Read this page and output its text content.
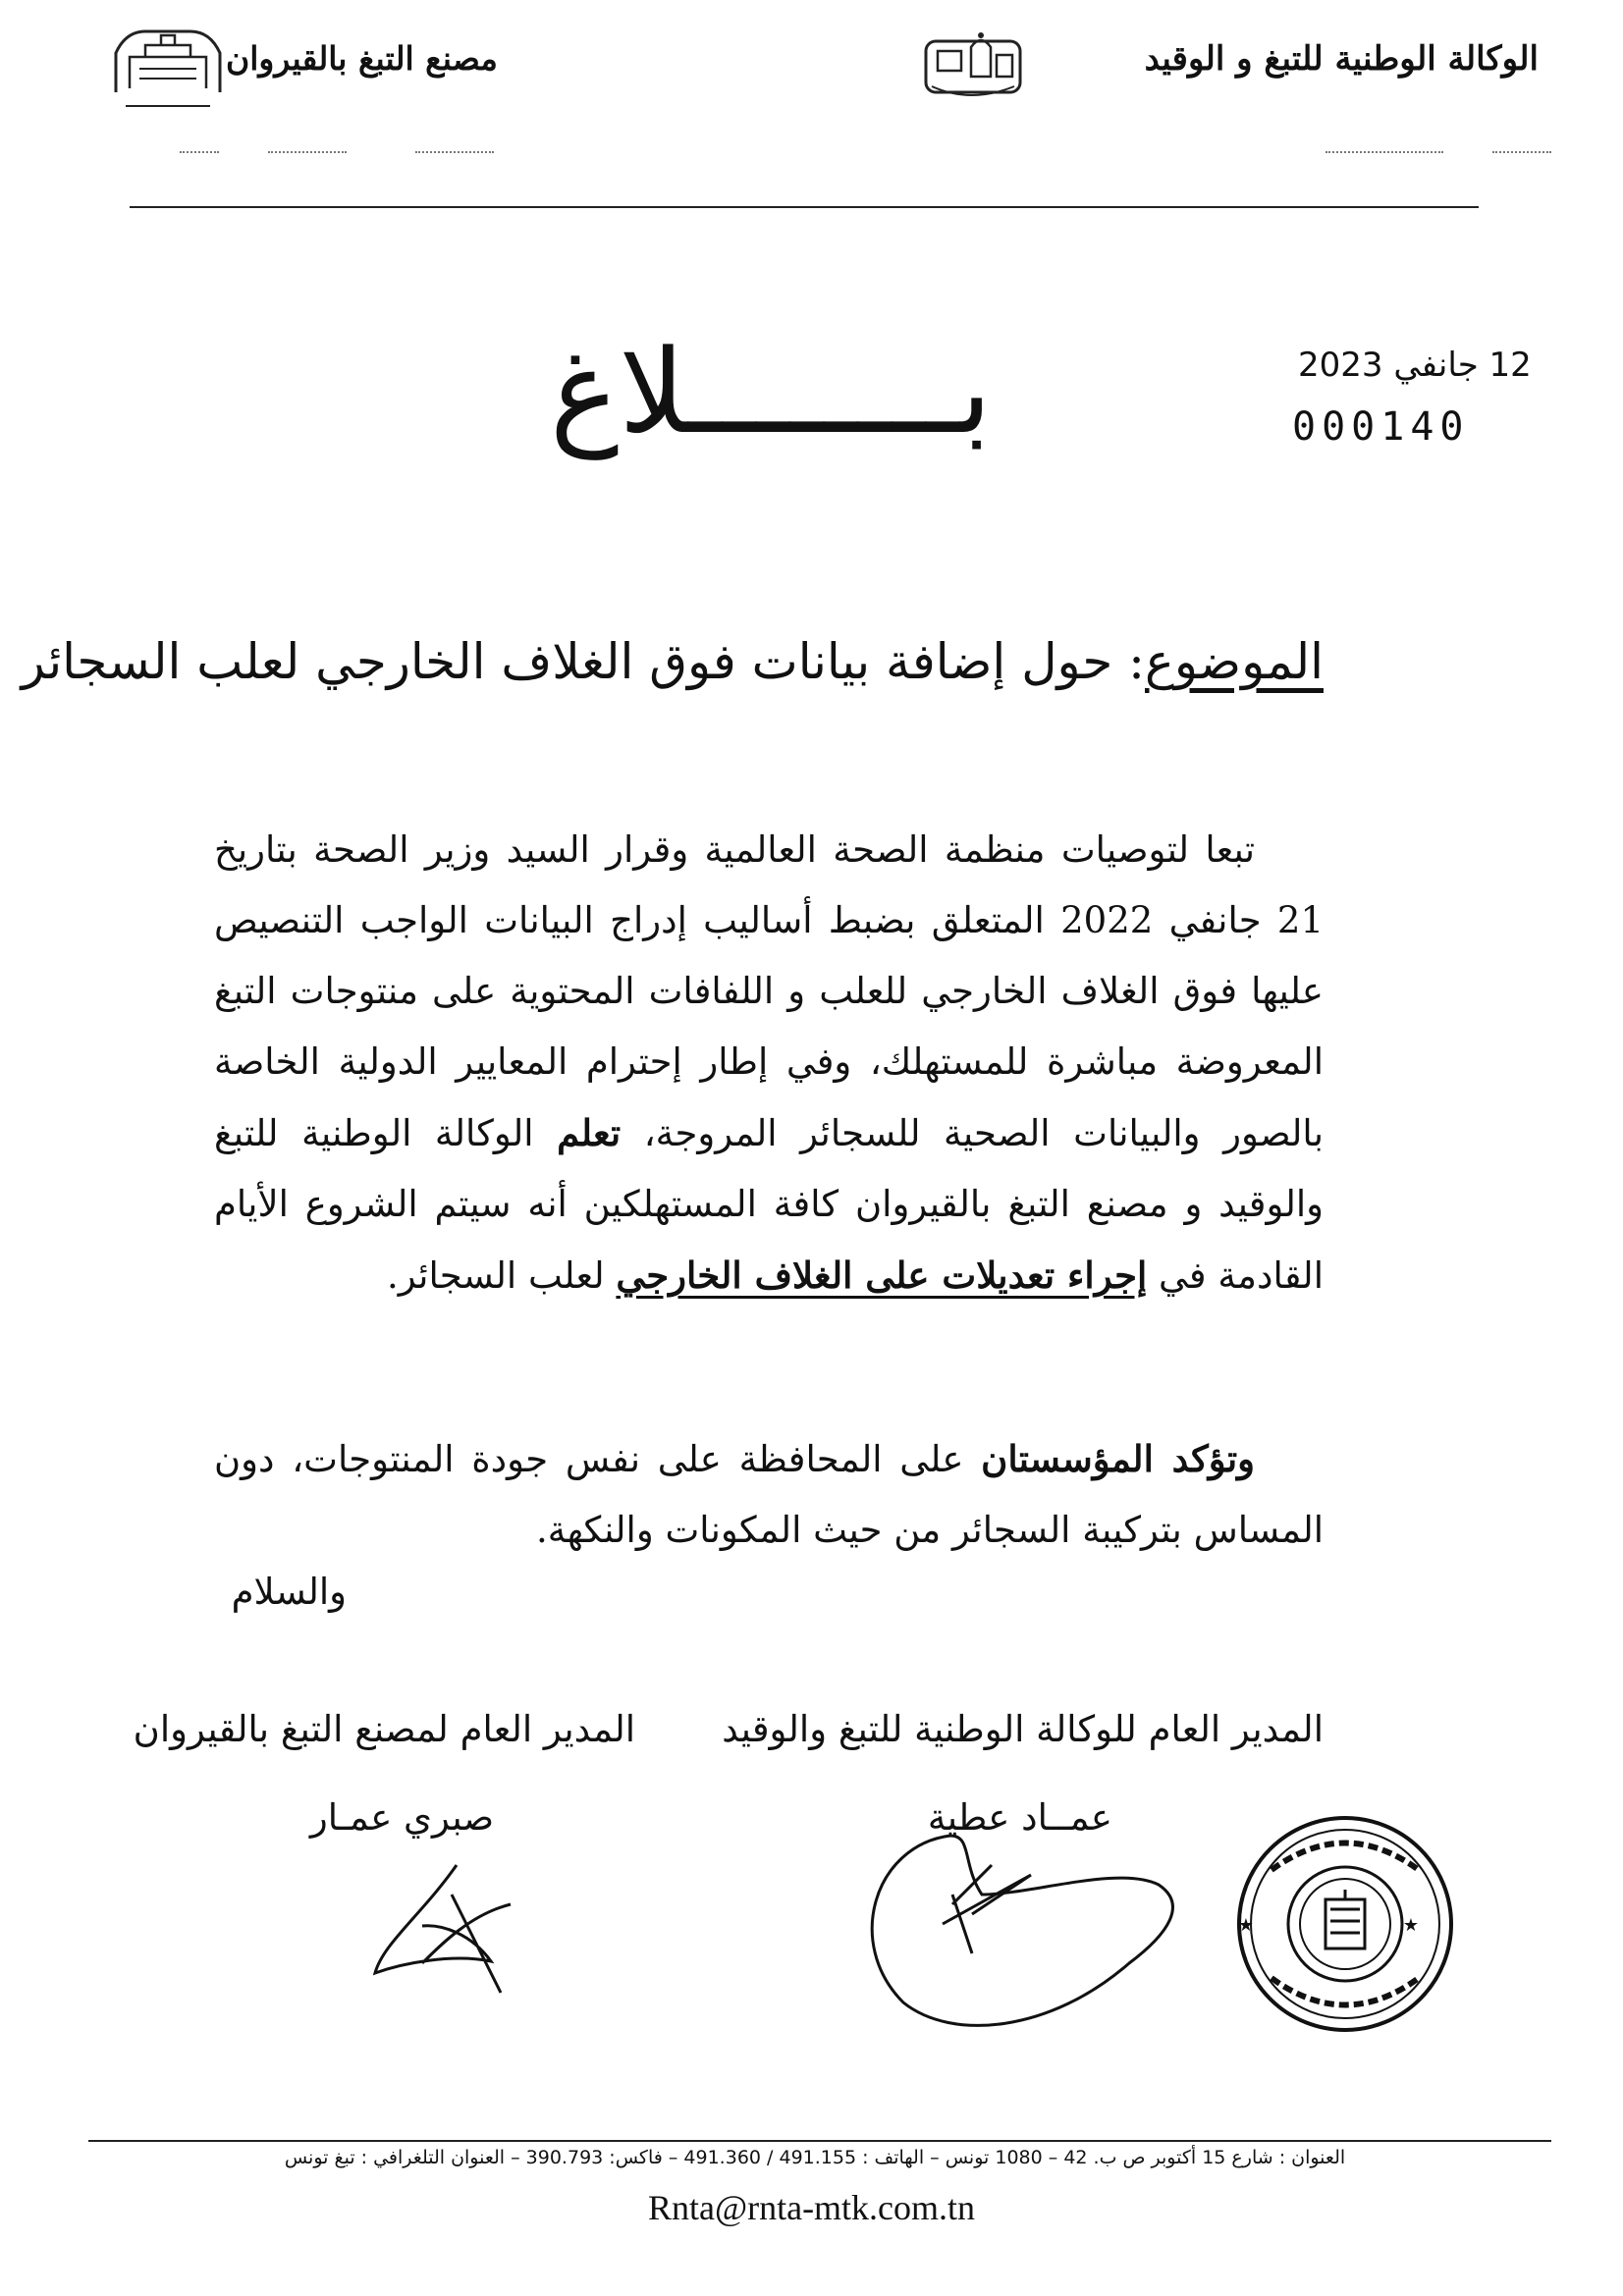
الوكالة الوطنية للتبغ و الوقيد
مصنع التبغ بالقيروان
12 جانفي 2023
000140
بــــــــلاغ
الموضوع: حول إضافة بيانات فوق الغلاف الخارجي لعلب السجائر
تبعا لتوصيات منظمة الصحة العالمية وقرار السيد وزير الصحة بتاريخ 21 جانفي 2022 المتعلق بضبط أساليب إدراج البيانات الواجب التنصيص عليها فوق الغلاف الخارجي للعلب و اللفافات المحتوية على منتوجات التبغ المعروضة مباشرة للمستهلك، وفي إطار إحترام المعايير الدولية الخاصة بالصور والبيانات الصحية للسجائر المروجة، تعلم الوكالة الوطنية للتبغ والوقيد و مصنع التبغ بالقيروان كافة المستهلكين أنه سيتم الشروع الأيام القادمة في إجراء تعديلات على الغلاف الخارجي لعلب السجائر.
وتؤكد المؤسستان على المحافظة على نفس جودة المنتوجات، دون المساس بتركيبة السجائر من حيث المكونات والنكهة.
والسلام
المدير العام للوكالة الوطنية للتبغ والوقيد
المدير العام لمصنع التبغ بالقيروان
عمــاد عطية
صبري عمـار
★	★
العنوان : شارع 15 أكتوبر ص ب. 42 – 1080 تونس – الهاتف : 491.155 / 491.360 – فاكس: 390.793 – العنوان التلغرافي : تبغ تونس
Rnta@rnta-mtk.com.tn
